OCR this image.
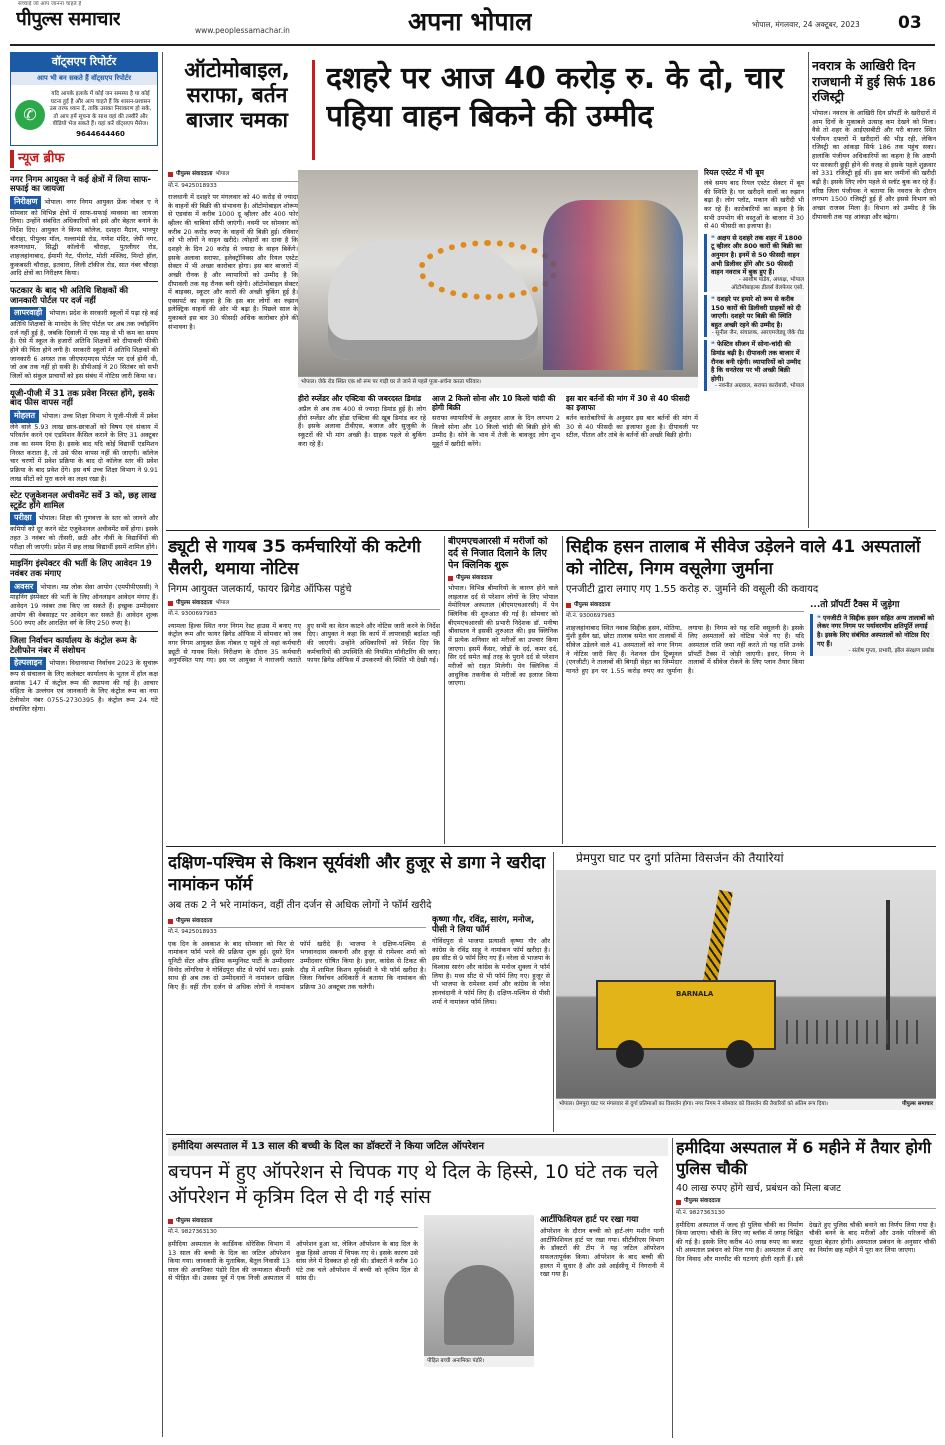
सच्चाई जो आप जानना चाहते हैं
पीपुल्स समाचार
www.peoplessamachar.in	अपना भोपाल	भोपाल, मंगलवार, 24 अक्टूबर, 2023 03
वॉट्सएप रिपोर्टर
आप भी बन सकते हैं वॉट्सएप रिपोर्टर
✆
यदि आपके इलाके में कोई जन समस्या है या कोई घटना हुई है और आप चाहते हैं कि शासन-प्रशासन उस तरफ ध्यान दें, ताकि उसका निराकरण हो सके, तो आप हमें सूचना के साथ वहां की तस्वीरें और वीडियो भेज सकते हैं। यहां करें वॉट्सएप मैसेज।
9644644460
न्यूज ब्रीफ
नगर निगम आयुक्त ने कई क्षेत्रों में लिया साफ-सफाई का जायजा
निरीक्षण भोपाल। नगर निगम आयुक्त फ्रेंक नोबल ए ने सोमवार को विभिन्न क्षेत्रों में साफ-सफाई व्यवस्था का जायजा लिया। उन्होंने संबंधित अधिकारियों को इसे और बेहतर बनाने के निर्देश दिए। आयुक्त ने किंग्स कॉलेज, दशहरा मैदान, भानपुर चौराहा, पीपुल्स मॉल, गल्लामंडी रोड, गणेश मंदिर, जेपी नगर, करुणाधाम, सिद्धी कॉलोनी चौराहा, पुतलीघर रोड, शाहजहांनाबाद, ईमामी गेट, पीरगेट, मोती मस्जिद, मिन्टो हॉल, कुकबस्ती चौराहा, इतवारा, लिली टॉकीज रोड, सात नंबर चौराहा आदि क्षेत्रों का निरीक्षण किया।
फटकार के बाद भी अतिथि शिक्षकों की जानकारी पोर्टल पर दर्ज नहीं
लापरवाही भोपाल। प्रदेश के सरकारी स्कूलों में पढ़ा रहे कई अतिथि शिक्षकों के मानदेय के लिए पोर्टल पर अब तक ज्वॉइनिंग दर्ज नहीं हुई है, जबकि दिवाली में एक माह से भी कम का समय है। ऐसे में स्कूल के हजारों अतिथि शिक्षकों को दीपावली फीकी होने की चिंता होने लगी है। सरकारी स्कूलों में अतिथि शिक्षकों की जानकारी 6 अगस्त तक जीएफएमएस पोर्टल पर दर्ज होनी थी, जो अब तक नहीं हो सकी है। डीपीआई ने 20 सितंबर को सभी जिलों को संकुल प्राचार्यों को इस संबंध में नोटिस जारी किया था।
यूजी-पीजी में 31 तक प्रवेश निरस्त होंगे, इसके बाद फीस वापस नहीं
मोहलत भोपाल। उच्च शिक्षा विभाग ने यूजी-पीजी में प्रवेश लेने वाले 5.93 लाख छात्र-छात्राओं को विषय एवं संकाय में परिवर्तन करने एवं एडमिशन कैंसिल कराने के लिए 31 अक्टूबर तक का समय दिया है। इसके बाद यदि कोई विद्यार्थी एडमिशन निरस्त कराता है, तो उसे फीस वापस नहीं की जाएगी। कॉलेज चार चरणों में प्रवेश प्रक्रिया के बाद दो कॉलेज स्तर की प्रवेश प्रक्रिया के बाद प्रवेश देंगे। इस वर्ष उच्च शिक्षा विभाग ने 9.91 लाख सीटों को पूरा करने का लक्ष्य रखा है।
स्टेट एजुकेशनल अचीवमेंट सर्वे 3 को, छह लाख स्टूडेंट होंगे शामिल
परीक्षा भोपाल। शिक्षा की गुणवत्ता के स्तर को जानने और कमियों को दूर करने स्टेट एजुकेशनल अचीवमेंट सर्वे होगा। इसके तहत 3 नवंबर को तीसरी, छठी और नौवीं के विद्यार्थियों की परीक्षा ली जाएगी। प्रदेश में छह लाख विद्यार्थी इसमें शामिल होंगे।
माइनिंग इंस्पेक्टर की भर्ती के लिए आवेदन 19 नवंबर तक मंगाए
अवसर भोपाल। मप्र लोक सेवा आयोग (एमपीपीएससी) ने माइनिंग इंस्पेक्टर की भर्ती के लिए ऑनलाइन आवेदन मंगाए हैं। आवेदन 19 नवंबर तक किए जा सकते हैं। इच्छुक उम्मीदवार आयोग की वेबसाइट पर आवेदन कर सकते हैं। आवेदन शुल्क 500 रुपए और आरक्षित वर्ग के लिए 250 रुपए है।
जिला निर्वाचन कार्यालय के कंट्रोल रूम के टेलीफोन नंबर में संशोधन
हेल्पलाइन भोपाल। विधानसभा निर्वाचन 2023 के सुचारू रूप से संचालन के लिए कलेक्टर कार्यालय के भूतल में हॉल कक्ष क्रमांक 147 में कंट्रोल रूम की स्थापना की गई है। आचार संहिता के उल्लंघन एवं जानकारी के लिए कंट्रोल रूम का नया टेलीफोन नंबर 0755-2730395 है। कंट्रोल रूम 24 घंटे संचालित रहेगा।
ऑटोमोबाइल, सराफा, बर्तन बाजार चमका
दशहरे पर आज 40 करोड़ रु. के दो, चार पहिया वाहन बिकने की उम्मीद
पीपुल्स संवाददाता भोपाल
मो.नं. 9425018933
राजधानी में दशहरे पर मंगलवार को 40 करोड़ से ज्यादा के वाहनों की बिक्री की संभावना है। ऑटोमोबाइल शोरूम से एडवांस में करीब 1000 दू व्हीलर और 400 फोर व्हीलर की चाबियां सौंपी जाएंगी। नवमी पर सोमवार को करीब 20 करोड़ रुपए के वाहनों की बिक्री हुई। रविवार को भी लोगों ने वाहन खरीदे। त्योहारों का दावा है कि दशहरे के दिन 20 करोड़ से ज्यादा के वाहन बिकेंगे। इसके अलावा सराफा, इलेक्ट्रॉनिक्स और रियल एस्टेट सेक्टर में भी अच्छा कारोबार होगा। इस बार बाजारों में अच्छी रौनक है और व्यापारियों को उम्मीद है कि दीपावली तक यह रौनक बनी रहेगी। ऑटोमोबाइल सेक्टर में बाइक्स, स्कूटर और कारों की अच्छी बुकिंग हुई है। एक्सपर्ट का कहना है कि इस बार लोगों का रुझान इलेक्ट्रिक वाहनों की ओर भी बढ़ा है। पिछले साल के मुकाबले इस बार 30 फीसदी अधिक कारोबार होने की संभावना है।
भोपाल। जेके रोड स्थित एक शो रूम पर गाड़ी घर ले जाने से पहले पूजा-अर्चना करता परिवार।
रियल एस्टेट में भी बूम
लंबे समय बाद रियल एस्टेट सेक्टर में बूम की स्थिति है। घर खरीदने वालों का रुझान बढ़ा है। लोग प्लॉट, मकान की खरीदी भी कर रहे हैं। कारोबारियों का कहना है कि सभी उपभोग की वस्तुओं के बाजार में 30 से 40 फीसदी का इजाफा है।
❝ अक्षय से दशहरे तक शहर में 1800 टू व्हीलर और 800 कारों की बिक्री का अनुमान है। इनमें से 50 फीसदी वाहन अभी डिलीवर होंगे और 50 फीसदी वाहन नवरात्र में बुक हुए हैं।
- आशीष पांडेय, अध्यक्ष, भोपाल ऑटोमोबाइल्स डीलर्स वेलफेयर एसो.
❝ दशहरे पर हमारे शो रूम से करीब 150 कारों की डिलीवरी ग्राहकों को दी जाएगी। दशहरे पर बिक्री की स्थिति बहुत अच्छी रहने की उम्मीद है।
- सुनील जैन, संचालक, आरएमजेड्यू जेके रोड
❝ फेस्टिव सीजन में सोना-चांदी की डिमांड बढ़ी है। दीपावली तक बाजार में रौनक बनी रहेगी। व्यापारियों को उम्मीद है कि धनतेरस पर भी अच्छी बिक्री होगी।
- नवनीत अग्रवाल, सराफा कारोबारी, भोपाल
हीरो स्प्लेंडर और एक्टिवा की जबरदस्त डिमांड
अप्रैल से अब तक 400 से ज्यादा डिमांड हुई है। लोग हीरो स्प्लेंडर और होंडा एक्टिवा की खूब डिमांड कर रहे हैं। इसके अलावा टीवीएस, बजाज और सुजुकी के स्कूटरों की भी मांग अच्छी है। ग्राहक पहले से बुकिंग करा रहे हैं।
आज 2 किलो सोना और 10 किलो चांदी की होगी बिक्री
सराफा व्यापारियों के अनुसार आज के दिन लगभग 2 किलो सोना और 10 किलो चांदी की बिक्री होने की उम्मीद है। सोने के भाव में तेजी के बावजूद लोग शुभ मुहूर्त में खरीदी करेंगे।
इस बार बर्तनों की मांग में 30 से 40 फीसदी का इजाफा
बर्तन कारोबारियों के अनुसार इस बार बर्तनों की मांग में 30 से 40 फीसदी का इजाफा हुआ है। दीपावली पर स्टील, पीतल और तांबे के बर्तनों की अच्छी बिक्री होगी।
नवरात्र के आखिरी दिन राजधानी में हुई सिर्फ 186 रजिस्ट्री
भोपाल। नवरात्र के आखिरी दिन प्रॉपर्टी के खरीदारों में आम दिनों के मुकाबले उत्साह कम देखने को मिला। वैसे तो शहर के आईएसबीटी और परी बाजार स्थित पंजीयन दफ्तरों में खरीदारों की भीड़ रही, लेकिन रजिस्ट्री का आंकड़ा सिर्फ 186 तक पहुंच सका। हालांकि पंजीयन अधिकारियों का कहना है कि अष्टमी पर सरकारी छुट्टी होने की वजह से इसके पहले शुक्रवार को 331 रजिस्ट्री हुई थीं। इस बार जमीनों की खरीदी बढ़ी है। इसके लिए लोग पहले से स्लॉट बुक कर रहे हैं। वरिष्ठ जिला पंजीयक ने बताया कि नवरात्र के दौरान लगभग 1500 रजिस्ट्री हुई हैं और इससे विभाग को अच्छा राजस्व मिला है। विभाग को उम्मीद है कि दीपावली तक यह आंकड़ा और बढ़ेगा।
ड्यूटी से गायब 35 कर्मचारियों की कटेगी सैलरी, थमाया नोटिस
निगम आयुक्त जलकार्य, फायर ब्रिगेड ऑफिस पहुंचे
पीपुल्स संवाददाता भोपाल
मो.नं. 9300697983
श्यामला हिल्स स्थित नगर निगम रेस्ट हाउस में बनाए गए कंट्रोल रूम और फायर ब्रिगेड ऑफिस में सोमवार को जब नगर निगम आयुक्त फ्रेंक नोबल ए पहुंचे तो वहां कर्मचारी ड्यूटी से गायब मिले। निरीक्षण के दौरान 35 कर्मचारी अनुपस्थित पाए गए। इस पर आयुक्त ने नाराजगी जताते हुए सभी का वेतन काटने और नोटिस जारी करने के निर्देश दिए। आयुक्त ने कहा कि कार्य में लापरवाही बर्दाश्त नहीं की जाएगी। उन्होंने अधिकारियों को निर्देश दिए कि कर्मचारियों की उपस्थिति की नियमित मॉनीटरिंग की जाए। फायर ब्रिगेड ऑफिस में उपकरणों की स्थिति भी देखी गई।
बीएमएचआरसी में मरीजों को दर्द से निजात दिलाने के लिए पेन क्लिनिक शुरू
पीपुल्स संवाददाता
भोपाल। विभिन्न बीमारियों के कारण होने वाले लाइलाज दर्द से परेशान लोगों के लिए भोपाल मेमोरियल अस्पताल (बीएमएचआरसी) में पेन क्लिनिक की शुरुआत की गई है। सोमवार को बीएमएचआरसी की प्रभारी निदेशक डॉ. मनीषा श्रीवास्तव ने इसकी शुरुआत की। इस क्लिनिक में प्रत्येक शनिवार को मरीजों का उपचार किया जाएगा। इसमें कैंसर, जोड़ों के दर्द, कमर दर्द, सिर दर्द समेत कई तरह के पुराने दर्द से परेशान मरीजों को राहत मिलेगी। पेन क्लिनिक में आधुनिक तकनीक से मरीजों का इलाज किया जाएगा।
सिद्दीक हसन तालाब में सीवेज उड़ेलने वाले 41 अस्पतालों को नोटिस, निगम वसूलेगा जुर्माना
एनजीटी द्वारा लगाए गए 1.55 करोड़ रु. जुर्माने की वसूली की कवायद
पीपुल्स संवाददाता
मो.नं. 9300697983
शाहजहांनाबाद स्थित नवाब सिद्दीक हसन, मोतिया, मुंशी हुसैन खां, छोटा तालाब समेत चार तालाबों में सीवेज उड़ेलने वाले 41 अस्पतालों को नगर निगम ने नोटिस जारी किए हैं। नेशनल ग्रीन ट्रिब्यूनल (एनजीटी) ने तालाबों की बिगड़ी सेहत का जिम्मेदार मानते हुए इन पर 1.55 करोड़ रुपए का जुर्माना लगाया है। निगम को यह राशि वसूलनी है। इसके लिए अस्पतालों को नोटिस भेजे गए हैं। यदि अस्पताल राशि जमा नहीं करते तो यह राशि उनके प्रॉपर्टी टैक्स में जोड़ी जाएगी। इधर, निगम ने तालाबों में सीवेज रोकने के लिए प्लान तैयार किया है।
...तो प्रॉपर्टी टैक्स में जुड़ेगा
❝ एनजीटी ने सिद्दीक हसन सहित अन्य तालाबों को लेकर नगर निगम पर पर्यावरणीय क्षतिपूर्ति लगाई है। इसके लिए संबंधित अस्पतालों को नोटिस दिए गए हैं।
- संतोष गुप्ता, प्रभारी, झील संरक्षण प्रकोष्ठ
दक्षिण-पश्चिम से किशन सूर्यवंशी और हुजूर से डागा ने खरीदा नामांकन फॉर्म
अब तक 2 ने भरे नामांकन, वहीं तीन दर्जन से अधिक लोगों ने फॉर्म खरीदे
पीपुल्स संवाददाता
मो.नं. 9425018933
एक दिन के अवकाश के बाद सोमवार को फिर से नामांकन फॉर्म भरने की प्रक्रिया शुरू हुई। दूसरे दिन यूनिटी सेंटर ऑफ इंडिया कम्युनिस्ट पार्टी के उम्मीदवार विनोद लोंगरिया ने गोविंदपुरा सीट से फॉर्म भरा। इसके साथ ही अब तक दो उम्मीदवारों ने नामांकन दाखिल किए हैं। वहीं तीन दर्जन से अधिक लोगों ने नामांकन फॉर्म खरीदे हैं। भाजपा ने दक्षिण-पश्चिम से भगवानदास सबनानी और हुजूर से रामेश्वर शर्मा को उम्मीदवार घोषित किया है। इधर, कांग्रेस से टिकट की दौड़ में शामिल किशन सूर्यवंशी ने भी फॉर्म खरीदा है। जिला निर्वाचन अधिकारी ने बताया कि नामांकन की प्रक्रिया 30 अक्टूबर तक चलेगी।
कृष्णा गौर, रविंद्र, सारंग, मनोज, पीसी ने लिया फॉर्म
गोविंदपुरा से भाजपा प्रत्याशी कृष्णा गौर और कांग्रेस के रविंद्र साहू ने नामांकन फॉर्म खरीदा है। इस सीट से 9 फॉर्म लिए गए हैं। नरेला से भाजपा के विश्वास सारंग और कांग्रेस के मनोज शुक्ला ने फॉर्म लिया है। मध्य सीट से भी फॉर्म लिए गए। हुजूर से भी भाजपा के रामेश्वर शर्मा और कांग्रेस के नरेश ज्ञानचंदानी ने फॉर्म लिए हैं। दक्षिण-पश्चिम से पीसी शर्मा ने नामांकन फॉर्म लिया।
प्रेमपुरा घाट पर दुर्गा प्रतिमा विसर्जन की तैयारियां
BARNALA
भोपाल। प्रेमपुरा घाट पर मंगलवार से दुर्गा प्रतिमाओं का विसर्जन होगा। नगर निगम ने सोमवार को विसर्जन की तैयारियों को अंतिम रूप दिया।	पीपुल्स समाचार
हमीदिया अस्पताल में 13 साल की बच्ची के दिल का डॉक्टरों ने किया जटिल ऑपरेशन
बचपन में हुए ऑपरेशन से चिपक गए थे दिल के हिस्से, 10 घंटे तक चले ऑपरेशन में कृत्रिम दिल से दी गई सांस
पीपुल्स संवाददाता
मो.नं. 9827363130
हमीदिया अस्पताल के कार्डियक थोरेसिक विभाग में 13 साल की बच्ची के दिल का जटिल ऑपरेशन किया गया। जानकारी के मुताबिक, बैतूल निवासी 13 साल की अनामिका पंडोरे दिल की जन्मजात बीमारी से पीड़ित थी। उसका पूर्व में एक निजी अस्पताल में ऑपरेशन हुआ था, लेकिन ऑपरेशन के बाद दिल के कुछ हिस्से आपस में चिपक गए थे। इसके कारण उसे सांस लेने में दिक्कत हो रही थी। डॉक्टरों ने करीब 10 घंटे तक चले ऑपरेशन में बच्ची को कृत्रिम दिल से सांस दी।
पीड़ित बच्ची अनामिका पंडोरे।
आर्टीफिशियल हार्ट पर रखा गया
ऑपरेशन के दौरान बच्ची को हार्ट-लंग मशीन यानी आर्टीफिशियल हार्ट पर रखा गया। सीटीवीएस विभाग के डॉक्टरों की टीम ने यह जटिल ऑपरेशन सफलतापूर्वक किया। ऑपरेशन के बाद बच्ची की हालत में सुधार है और उसे आईसीयू में निगरानी में रखा गया है।
हमीदिया अस्पताल में 6 महीने में तैयार होगी पुलिस चौकी
40 लाख रुपए होंगे खर्च, प्रबंधन को मिला बजट
पीपुल्स संवाददाता
मो.नं. 9827363130
हमीदिया अस्पताल में जल्द ही पुलिस चौकी का निर्माण किया जाएगा। चौकी के लिए नए ब्लॉक में जगह चिह्नित की गई है। इसके लिए करीब 40 लाख रुपए का बजट भी अस्पताल प्रबंधन को मिल गया है। अस्पताल में आए दिन विवाद और मारपीट की घटनाएं होती रहती हैं। इसे देखते हुए पुलिस चौकी बनाने का निर्णय लिया गया है। चौकी बनने के बाद मरीजों और उनके परिजनों की सुरक्षा बेहतर होगी। अस्पताल प्रबंधन के अनुसार चौकी का निर्माण छह महीने में पूरा कर लिया जाएगा।
